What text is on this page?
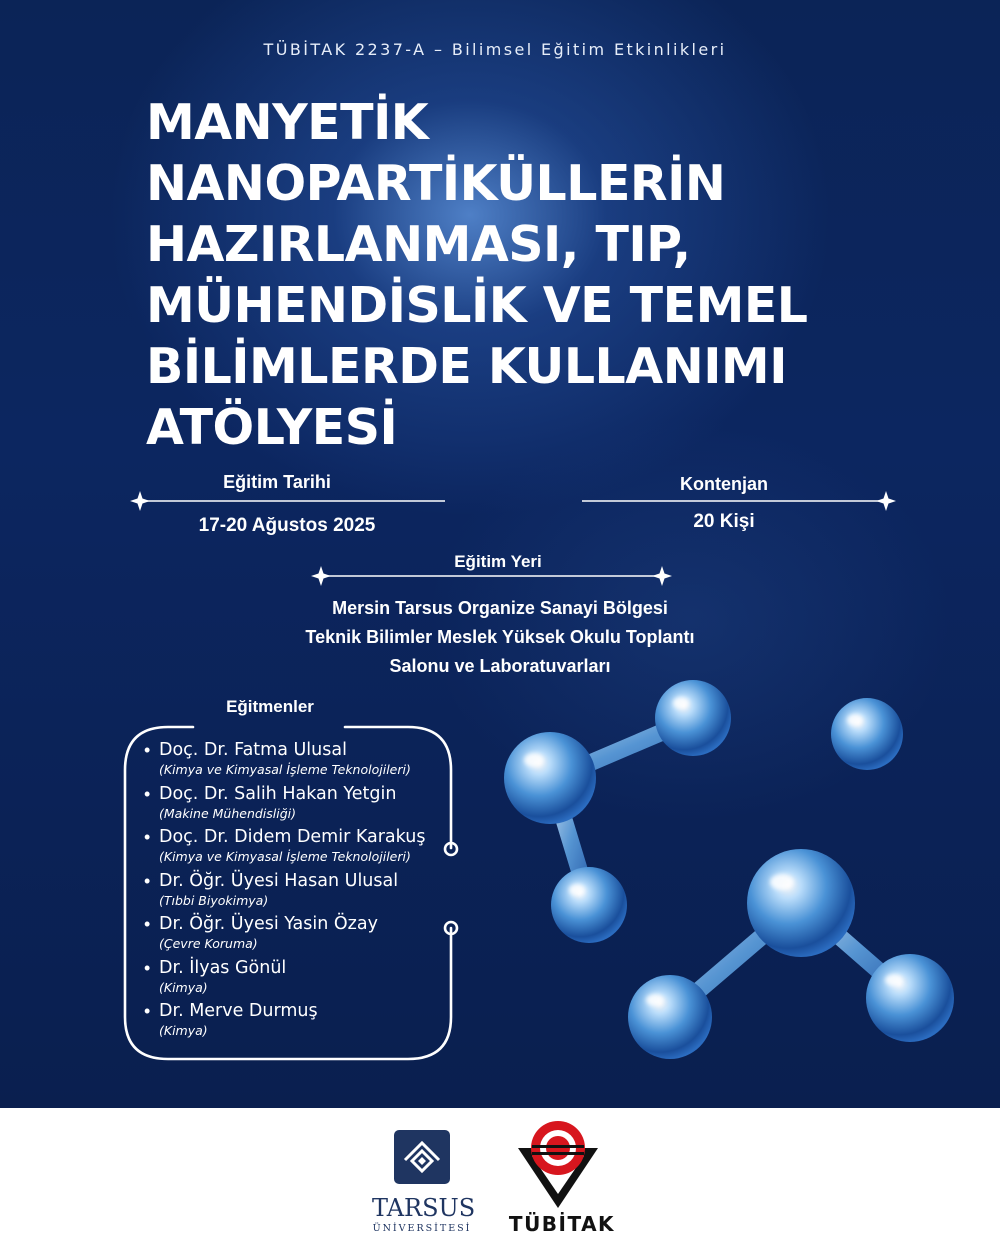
TÜBİTAK 2237-A – Bilimsel Eğitim Etkinlikleri
MANYETİK
NANOPARTİKÜLLERİN
HAZIRLANMASI, TIP,
MÜHENDİSLİK VE TEMEL
BİLİMLERDE KULLANIMI
ATÖLYESİ
Eğitim Tarihi
17-20 Ağustos 2025
Kontenjan
20 Kişi
Eğitim Yeri
Mersin Tarsus Organize Sanayi Bölgesi
Teknik Bilimler Meslek Yüksek Okulu Toplantı
Salonu ve Laboratuvarları
Eğitmenler
• Doç. Dr. Fatma Ulusal
(Kimya ve Kimyasal İşleme Teknolojileri)
• Doç. Dr. Salih Hakan Yetgin
(Makine Mühendisliği)
• Doç. Dr. Didem Demir Karakuş
(Kimya ve Kimyasal İşleme Teknolojileri)
• Dr. Öğr. Üyesi Hasan Ulusal
(Tıbbi Biyokimya)
• Dr. Öğr. Üyesi Yasin Özay
(Çevre Koruma)
• Dr. İlyas Gönül
(Kimya)
• Dr. Merve Durmuş
(Kimya)
TARSUS
ÜNİVERSİTESİ TÜBİTAK
